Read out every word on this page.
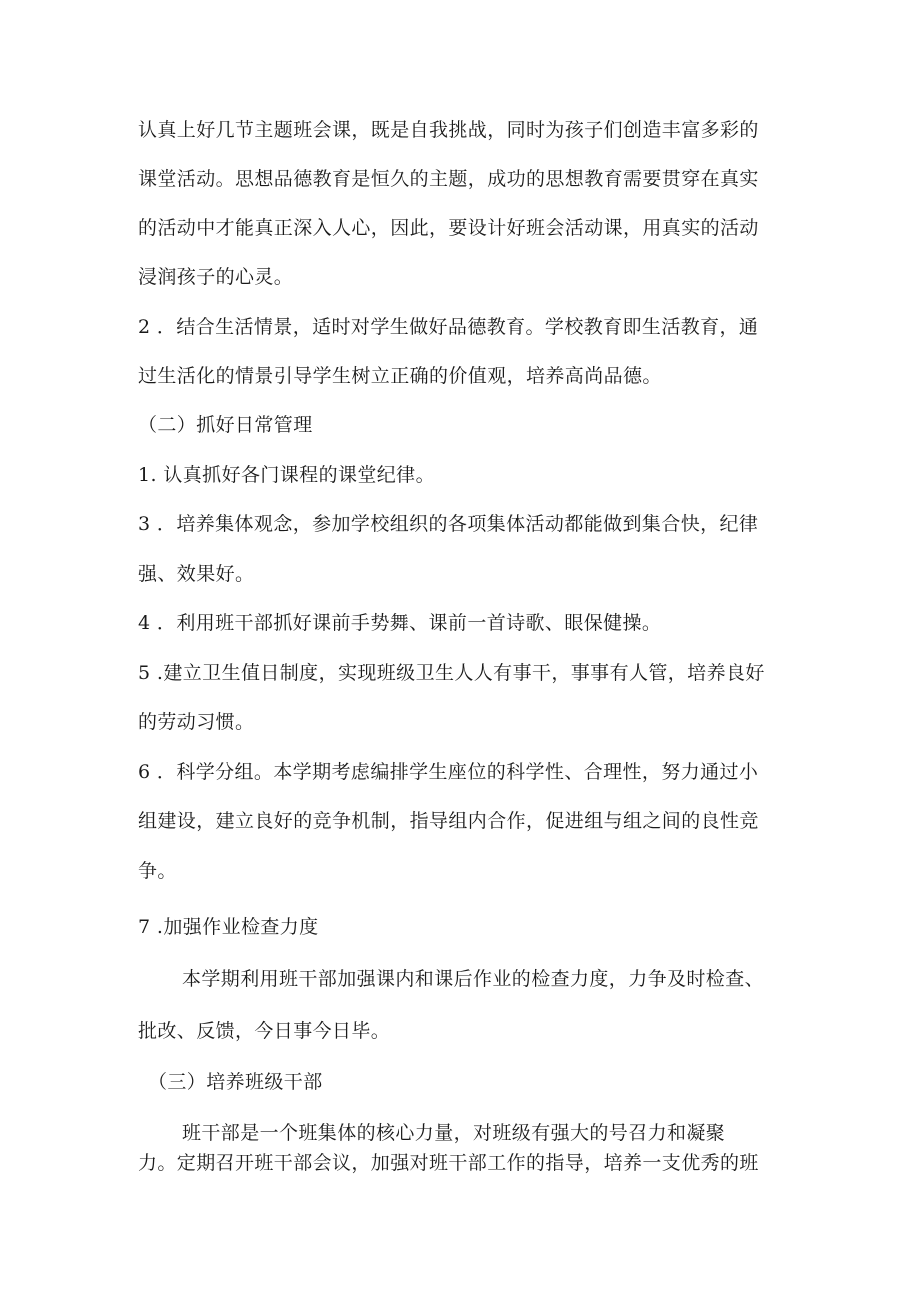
认真上好几节主题班会课，既是自我挑战，同时为孩子们创造丰富多彩的
课堂活动。思想品德教育是恒久的主题，成功的思想教育需要贯穿在真实
的活动中才能真正深入人心，因此，要设计好班会活动课，用真实的活动
浸润孩子的心灵。
2 ．结合生活情景，适时对学生做好品德教育。学校教育即生活教育，通
过生活化的情景引导学生树立正确的价值观，培养高尚品德。
（二）抓好日常管理
1. 认真抓好各门课程的课堂纪律。
3 ．培养集体观念，参加学校组织的各项集体活动都能做到集合快，纪律
强、效果好。
4 ．利用班干部抓好课前手势舞、课前一首诗歌、眼保健操。
5 .建立卫生值日制度，实现班级卫生人人有事干，事事有人管，培养良好
的劳动习惯。
6 ．科学分组。本学期考虑编排学生座位的科学性、合理性，努力通过小
组建设，建立良好的竞争机制，指导组内合作，促进组与组之间的良性竞
争。
7 .加强作业检查力度
本学期利用班干部加强课内和课后作业的检查力度，力争及时检查、
批改、反馈，今日事今日毕。
（三）培养班级干部
班干部是一个班集体的核心力量，对班级有强大的号召力和凝聚
力。定期召开班干部会议，加强对班干部工作的指导，培养一支优秀的班
